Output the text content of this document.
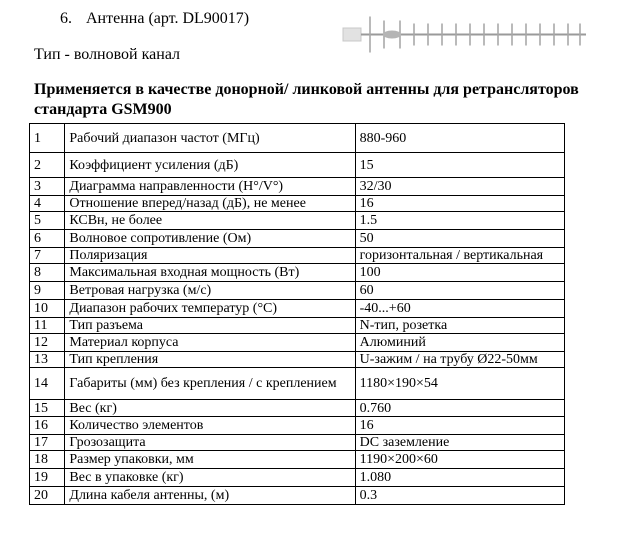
6. Антенна (арт. DL90017)
Тип - волновой канал
Применяется в качестве донорной/ линковой антенны для ретрансляторов стандарта GSM900
1	Рабочий диапазон частот (МГц)	880-960
2	Коэффициент усиления (дБ)	15
3	Диаграмма направленности (Н°/V°)	32/30
4	Отношение вперед/назад (дБ), не менее	16
5	КСВн, не более	1.5
6	Волновое сопротивление (Ом)	50
7	Поляризация	горизонтальная / вертикальная
8	Максимальная входная мощность (Вт)	100
9	Ветровая нагрузка (м/с)	60
10	Диапазон рабочих температур (°С)	-40...+60
11	Тип разъема	N-тип, розетка
12	Материал корпуса	Алюминий
13	Тип крепления	U-зажим / на трубу Ø22-50мм
14	Габариты (мм) без крепления / с креплением	1180×190×54
15	Вес (кг)	0.760
16	Количество элементов	16
17	Грозозащита	DC заземление
18	Размер упаковки, мм	1190×200×60
19	Вес в упаковке (кг)	1.080
20	Длина кабеля антенны, (м)	0.3
